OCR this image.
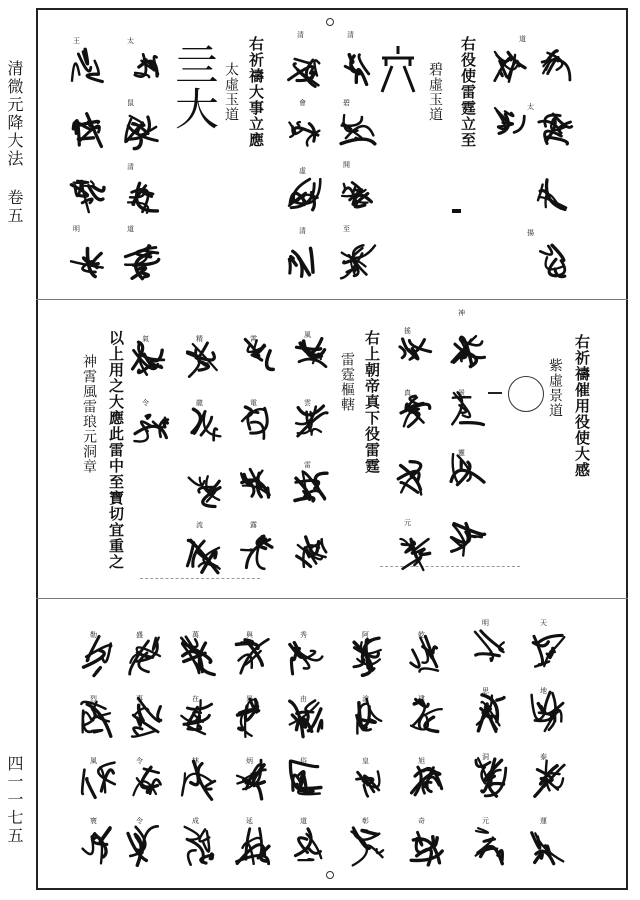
清微元降大法 卷五
四一一七五
右役使雷霆立至
碧虛玉道
右祈禱大事立應
太虛玉道
亖大
右祈禱催用役使大感
紫虛景道
右上朝帝真下役雷霆
雷霆樞轄
以上用之大應此雷中至寶切宜重之
神霄風雷琅元洞章
清
清
碧
開
至
會
虛
清
太
王
鼠
清
道
明
道
太
揚
神
景
靈
搖
真
元
風
雲
雷
霄
電
露
精
龍
流
氣
令
天
地
泰
運
明
思
洞
元
乾
建
旭
奇
阿
滄
皇
彰
秀
由
俗
道
與
是
炳
延
萬
在
林
成
盛
事
令
令
勒
烈
風
寰
